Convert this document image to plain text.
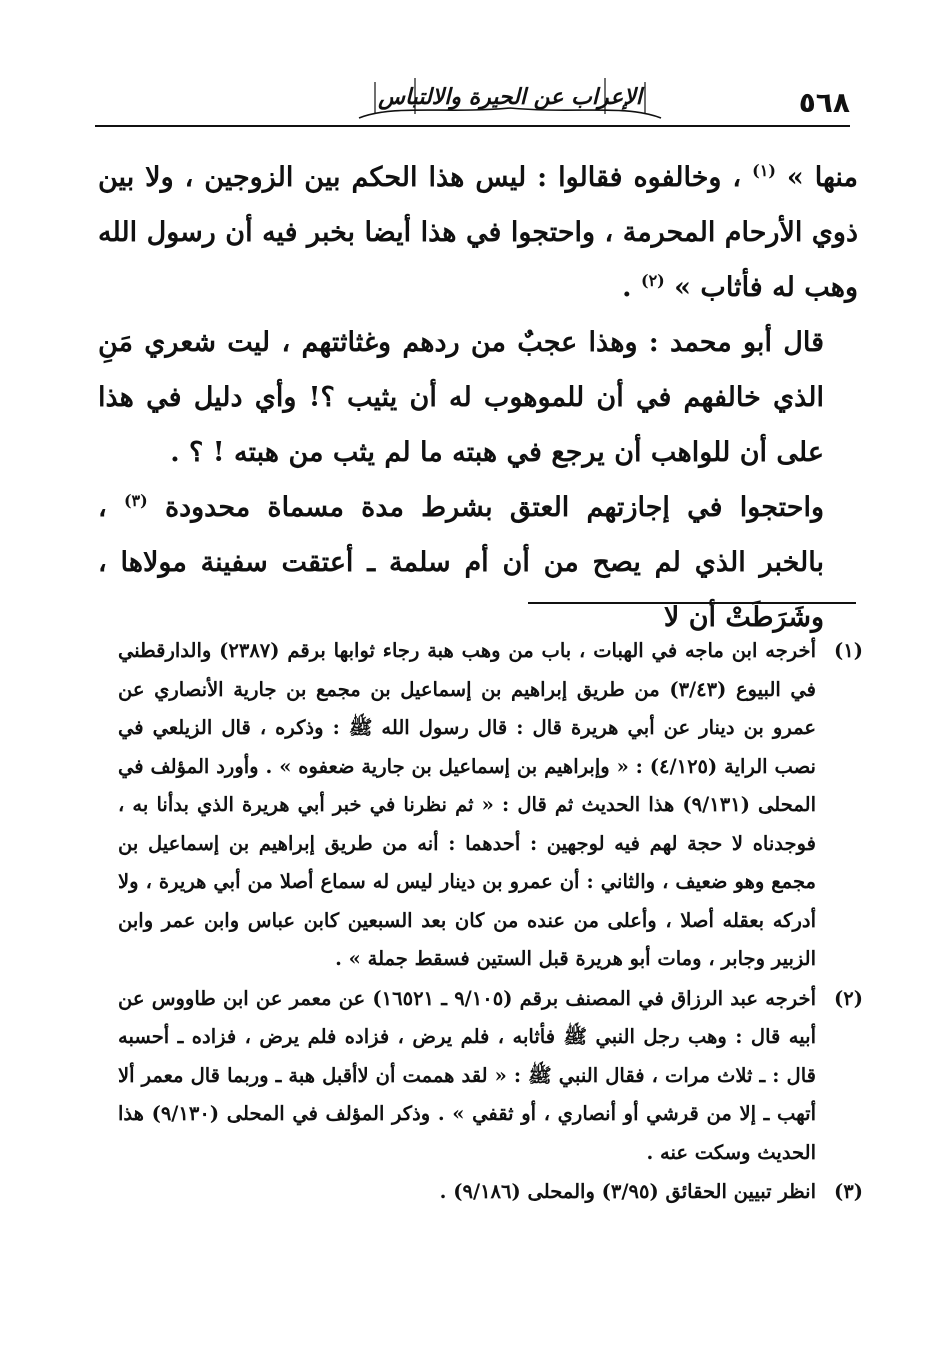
٥٦٨
الإعراب عن الحيرة والالتباس

منها » $^{(١)}$ ، وخالفوه فقالوا : ليس هذا الحكم بين الزوجين ، ولا بين ذوي الأرحام المحرمة ، واحتجوا في هذا أيضا بخبر فيه أن رسول الله وهب له فأثاب » $^{(٢)}$ .

قال أبو محمد : وهذا عجبٌ من ردهم وغثاثتهم ، ليت شعري مَنِ الذي خالفهم في أن للموهوب له أن يثيب ؟! وأي دليل في هذا على أن للواهب أن يرجع في هبته ما لم يثب من هبته ! ؟ .

واحتجوا في إجازتهم العتق بشرط مدة مسماة محدودة $^{(٣)}$ ، بالخبر الذي لم يصح من أن أم سلمة ـ أعتقت سفينة مولاها ، وشَرَطَتْ أن لا

(١)
أخرجه ابن ماجه في الهبات ، باب من وهب هبة رجاء ثوابها برقم (٢٣٨٧) والدارقطني في البيوع (٣/٤٣) من طريق إبراهيم بن إسماعيل بن مجمع بن جارية الأنصاري عن عمرو بن دينار عن أبي هريرة قال : قال رسول الله ﷺ : وذكره ، قال الزيلعي في نصب الراية (٤/١٢٥) : « وإبراهيم بن إسماعيل بن جارية ضعفوه » . وأورد المؤلف في المحلى (٩/١٣١) هذا الحديث ثم قال : « ثم نظرنا في خبر أبي هريرة الذي بدأنا به ، فوجدناه لا حجة لهم فيه لوجهين : أحدهما : أنه من طريق إبراهيم بن إسماعيل بن مجمع وهو ضعيف ، والثاني : أن عمرو بن دينار ليس له سماع أصلا من أبي هريرة ، ولا أدركه بعقله أصلا ، وأعلى من عنده من كان بعد السبعين كابن عباس وابن عمر وابن الزبير وجابر ، ومات أبو هريرة قبل الستين فسقط جملة » .
(٢)
أخرجه عبد الرزاق في المصنف برقم (٩/١٠٥ ـ ١٦٥٢١) عن معمر عن ابن طاووس عن أبيه قال : وهب رجل النبي ﷺ فأثابه ، فلم يرض ، فزاده فلم يرض ، فزاده ـ أحسبه قال : ـ ثلاث مرات ، فقال النبي ﷺ : « لقد هممت أن لاأقبل هبة ـ وربما قال معمر ألا أتهب ـ إلا من قرشي أو أنصاري ، أو ثقفي » . وذكر المؤلف في المحلى (٩/١٣٠) هذا الحديث وسكت عنه .
(٣)
انظر تبيين الحقائق (٣/٩٥) والمحلى (٩/١٨٦) .
